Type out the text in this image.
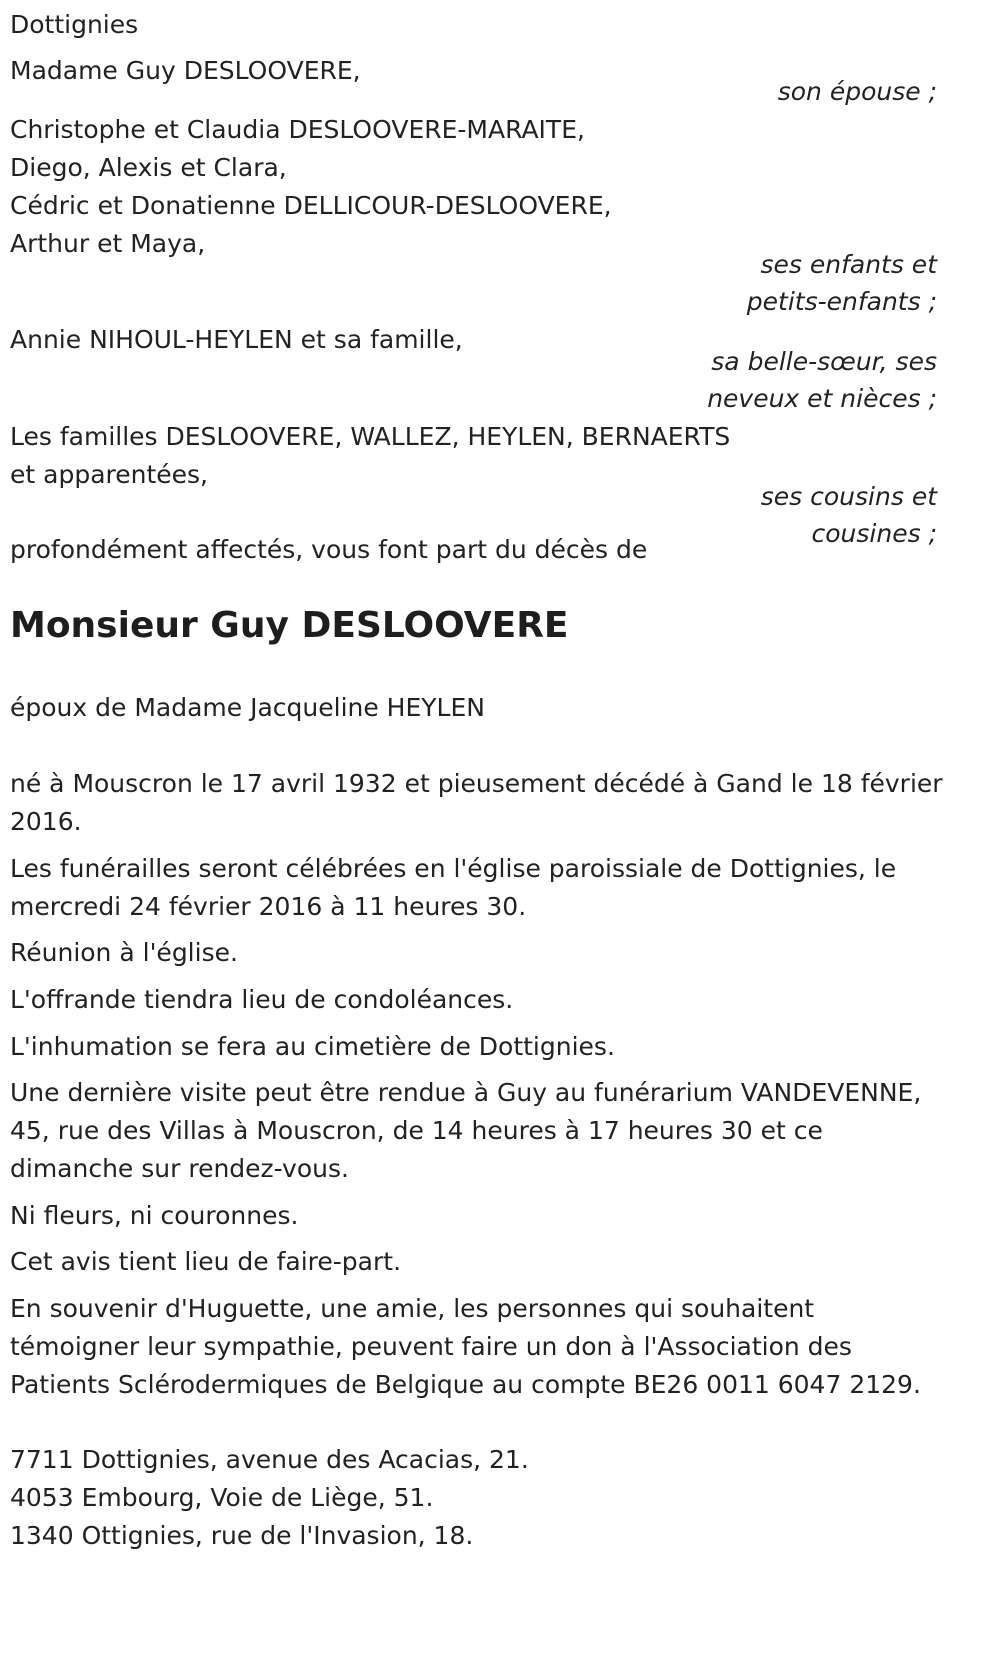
Dottignies
Madame Guy DESLOOVERE,
son épouse ;
Christophe et Claudia DESLOOVERE-MARAITE,
Diego, Alexis et Clara,
Cédric et Donatienne DELLICOUR-DESLOOVERE,
Arthur et Maya,
ses enfants et
petits-enfants ;
Annie NIHOUL-HEYLEN et sa famille,
sa belle-sœur, ses
neveux et nièces ;
Les familles DESLOOVERE, WALLEZ, HEYLEN, BERNAERTS
et apparentées,
ses cousins et
cousines ;
profondément affectés, vous font part du décès de
Monsieur Guy DESLOOVERE
époux de Madame Jacqueline HEYLEN
né à Mouscron le 17 avril 1932 et pieusement décédé à Gand le 18 février
2016.
Les funérailles seront célébrées en l'église paroissiale de Dottignies, le
mercredi 24 février 2016 à 11 heures 30.
Réunion à l'église.
L'offrande tiendra lieu de condoléances.
L'inhumation se fera au cimetière de Dottignies.
Une dernière visite peut être rendue à Guy au funérarium VANDEVENNE,
45, rue des Villas à Mouscron, de 14 heures à 17 heures 30 et ce
dimanche sur rendez-vous.
Ni fleurs, ni couronnes.
Cet avis tient lieu de faire-part.
En souvenir d'Huguette, une amie, les personnes qui souhaitent
témoigner leur sympathie, peuvent faire un don à l'Association des
Patients Sclérodermiques de Belgique au compte BE26 0011 6047 2129.
7711 Dottignies, avenue des Acacias, 21.
4053 Embourg, Voie de Liège, 51.
1340 Ottignies, rue de l'Invasion, 18.
